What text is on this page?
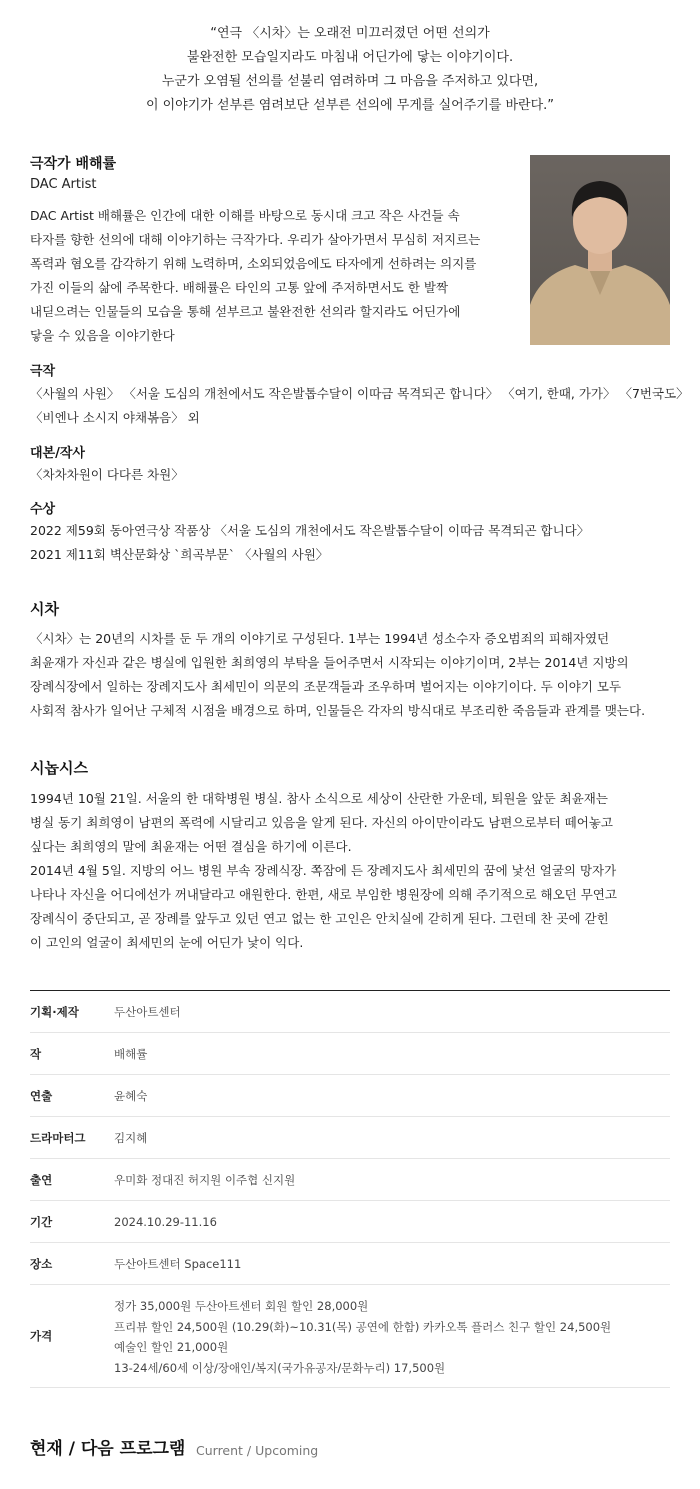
“연극 〈시차〉는 오래전 미끄러졌던 어떤 선의가
불완전한 모습일지라도 마침내 어딘가에 닿는 이야기이다.
누군가 오염될 선의를 섣불리 염려하며 그 마음을 주저하고 있다면,
이 이야기가 섣부른 염려보단 섣부른 선의에 무게를 실어주기를 바란다.”
극작가 배해률
DAC Artist
DAC Artist 배해률은 인간에 대한 이해를 바탕으로 동시대 크고 작은 사건들 속
타자를 향한 선의에 대해 이야기하는 극작가다. 우리가 살아가면서 무심히 저지르는
폭력과 혐오를 감각하기 위해 노력하며, 소외되었음에도 타자에게 선하려는 의지를
가진 이들의 삶에 주목한다. 배해률은 타인의 고통 앞에 주저하면서도 한 발짝
내딛으려는 인물들의 모습을 통해 섣부르고 불완전한 선의라 할지라도 어딘가에
닿을 수 있음을 이야기한다
극작
〈사월의 사원〉 〈서울 도심의 개천에서도 작은발톱수달이 이따금 목격되곤 합니다〉 〈여기, 한때, 가가〉 〈7번국도〉
〈비엔나 소시지 야채볶음〉 외
대본/작사
〈차차차원이 다다른 차원〉
수상
2022 제59회 동아연극상 작품상 〈서울 도심의 개천에서도 작은발톱수달이 이따금 목격되곤 합니다〉
2021 제11회 벽산문화상 `희곡부문` 〈사월의 사원〉
시차
〈시차〉는 20년의 시차를 둔 두 개의 이야기로 구성된다. 1부는 1994년 성소수자 증오범죄의 피해자였던
최윤재가 자신과 같은 병실에 입원한 최희영의 부탁을 들어주면서 시작되는 이야기이며, 2부는 2014년 지방의
장례식장에서 일하는 장례지도사 최세민이 의문의 조문객들과 조우하며 벌어지는 이야기이다. 두 이야기 모두
사회적 참사가 일어난 구체적 시점을 배경으로 하며, 인물들은 각자의 방식대로 부조리한 죽음들과 관계를 맺는다.
시놉시스
1994년 10월 21일. 서울의 한 대학병원 병실. 참사 소식으로 세상이 산란한 가운데, 퇴원을 앞둔 최윤재는
병실 동기 최희영이 남편의 폭력에 시달리고 있음을 알게 된다. 자신의 아이만이라도 남편으로부터 떼어놓고
싶다는 최희영의 말에 최윤재는 어떤 결심을 하기에 이른다.
2014년 4월 5일. 지방의 어느 병원 부속 장례식장. 쪽잠에 든 장례지도사 최세민의 꿈에 낯선 얼굴의 망자가
나타나 자신을 어디에선가 꺼내달라고 애원한다. 한편, 새로 부임한 병원장에 의해 주기적으로 해오던 무연고
장례식이 중단되고, 곧 장례를 앞두고 있던 연고 없는 한 고인은 안치실에 갇히게 된다. 그런데 찬 곳에 갇힌
이 고인의 얼굴이 최세민의 눈에 어딘가 낯이 익다.
기획·제작	두산아트센터
작	배해률
연출	윤혜숙
드라마터그	김지혜
출연	우미화 정대진 허지원 이주협 신지원
기간	2024.10.29-11.16
장소	두산아트센터 Space111
가격
정가 35,000원 두산아트센터 회원 할인 28,000원
프리뷰 할인 24,500원 (10.29(화)~10.31(목) 공연에 한함) 카카오톡 플러스 친구 할인 24,500원
예술인 할인 21,000원
13-24세/60세 이상/장애인/복지(국가유공자/문화누리) 17,500원
현재 / 다음 프로그램 Current / Upcoming
